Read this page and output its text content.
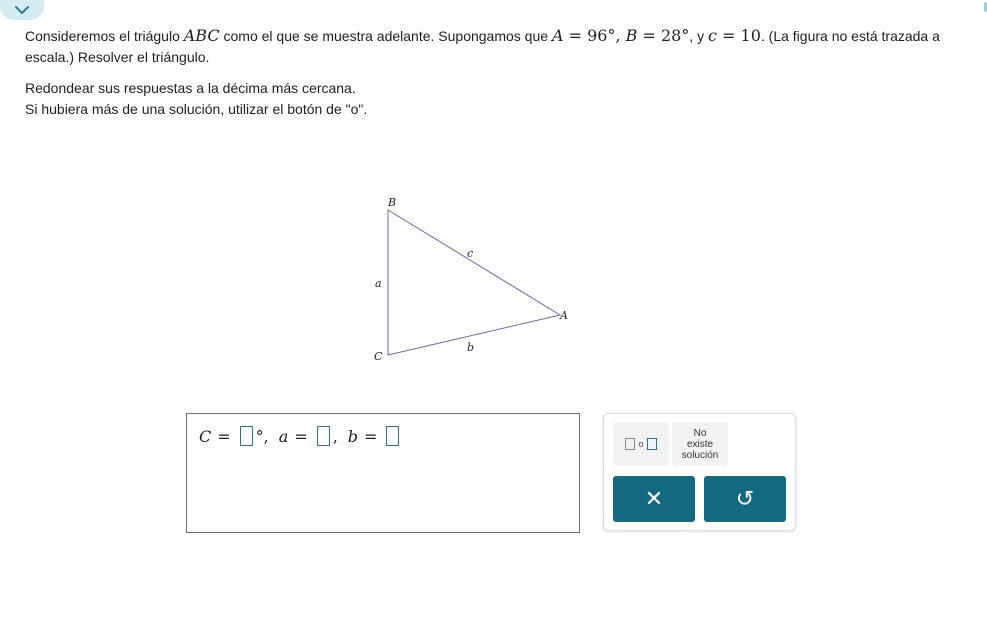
Consideremos el triágulo ABC como el que se muestra adelante. Supongamos que A = 96°, B = 28°, y c = 10. (La figura no está trazada a escala.) Resolver el triángulo.

Redondear sus respuestas a la décima más cercana.

Si hubiera más de una solución, utilizar el botón de "o".

B
A
C
c
a
b
C = ° , a = , b =	o
No
existe
solución
✕	↺
